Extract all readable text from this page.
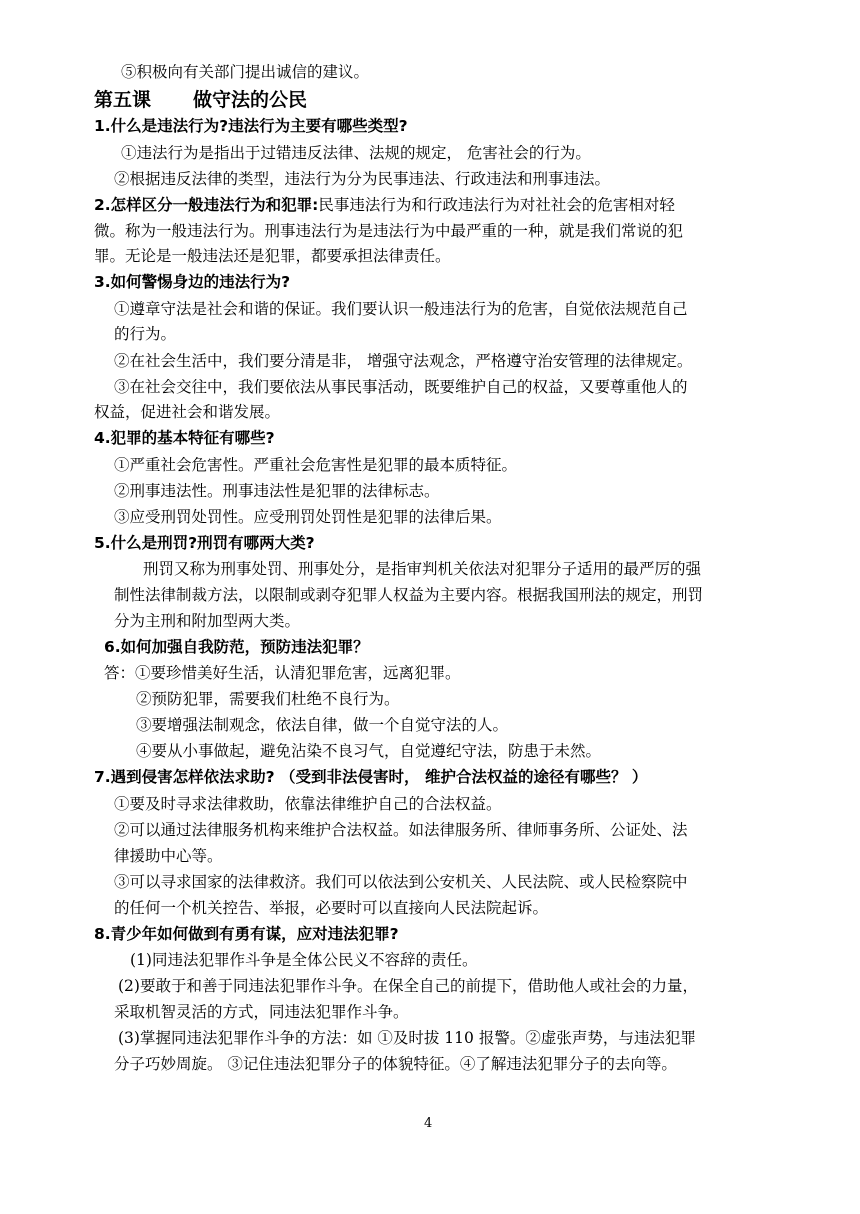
⑤积极向有关部门提出诚信的建议。
第五课 做守法的公民
1.什么是违法行为?违法行为主要有哪些类型?
①违法行为是指出于过错违反法律、法规的规定， 危害社会的行为。
②根据违反法律的类型，违法行为分为民事违法、行政违法和刑事违法。
2.怎样区分一般违法行为和犯罪:民事违法行为和行政违法行为对社社会的危害相对轻
微。称为一般违法行为。刑事违法行为是违法行为中最严重的一种，就是我们常说的犯
罪。无论是一般违法还是犯罪，都要承担法律责任。
3.如何警惕身边的违法行为?
①遵章守法是社会和谐的保证。我们要认识一般违法行为的危害，自觉依法规范自己
的行为。
②在社会生活中，我们要分清是非， 增强守法观念，严格遵守治安管理的法律规定。
③在社会交往中，我们要依法从事民事活动，既要维护自己的权益，又要尊重他人的
权益，促进社会和谐发展。
4.犯罪的基本特征有哪些?
①严重社会危害性。严重社会危害性是犯罪的最本质特征。
②刑事违法性。刑事违法性是犯罪的法律标志。
③应受刑罚处罚性。应受刑罚处罚性是犯罪的法律后果。
5.什么是刑罚?刑罚有哪两大类?
刑罚又称为刑事处罚、刑事处分，是指审判机关依法对犯罪分子适用的最严厉的强
制性法律制裁方法，以限制或剥夺犯罪人权益为主要内容。根据我国刑法的规定，刑罚
分为主刑和附加型两大类。
6.如何加强自我防范，预防违法犯罪？
答：①要珍惜美好生活，认清犯罪危害，远离犯罪。
②预防犯罪，需要我们杜绝不良行为。
③要增强法制观念，依法自律，做一个自觉守法的人。
④要从小事做起，避免沾染不良习气，自觉遵纪守法，防患于未然。
7.遇到侵害怎样依法求助? （受到非法侵害时， 维护合法权益的途径有哪些？ ）
①要及时寻求法律救助，依靠法律维护自己的合法权益。
②可以通过法律服务机构来维护合法权益。如法律服务所、律师事务所、公证处、法
律援助中心等。
③可以寻求国家的法律救济。我们可以依法到公安机关、人民法院、或人民检察院中
的任何一个机关控告、举报，必要时可以直接向人民法院起诉。
8.青少年如何做到有勇有谋，应对违法犯罪?
(1)同违法犯罪作斗争是全体公民义不容辞的责任。
(2)要敢于和善于同违法犯罪作斗争。在保全自己的前提下，借助他人或社会的力量，
采取机智灵活的方式，同违法犯罪作斗争。
(3)掌握同违法犯罪作斗争的方法：如 ①及时拔 110 报警。②虚张声势，与违法犯罪
分子巧妙周旋。 ③记住违法犯罪分子的体貌特征。④了解违法犯罪分子的去向等。
4
